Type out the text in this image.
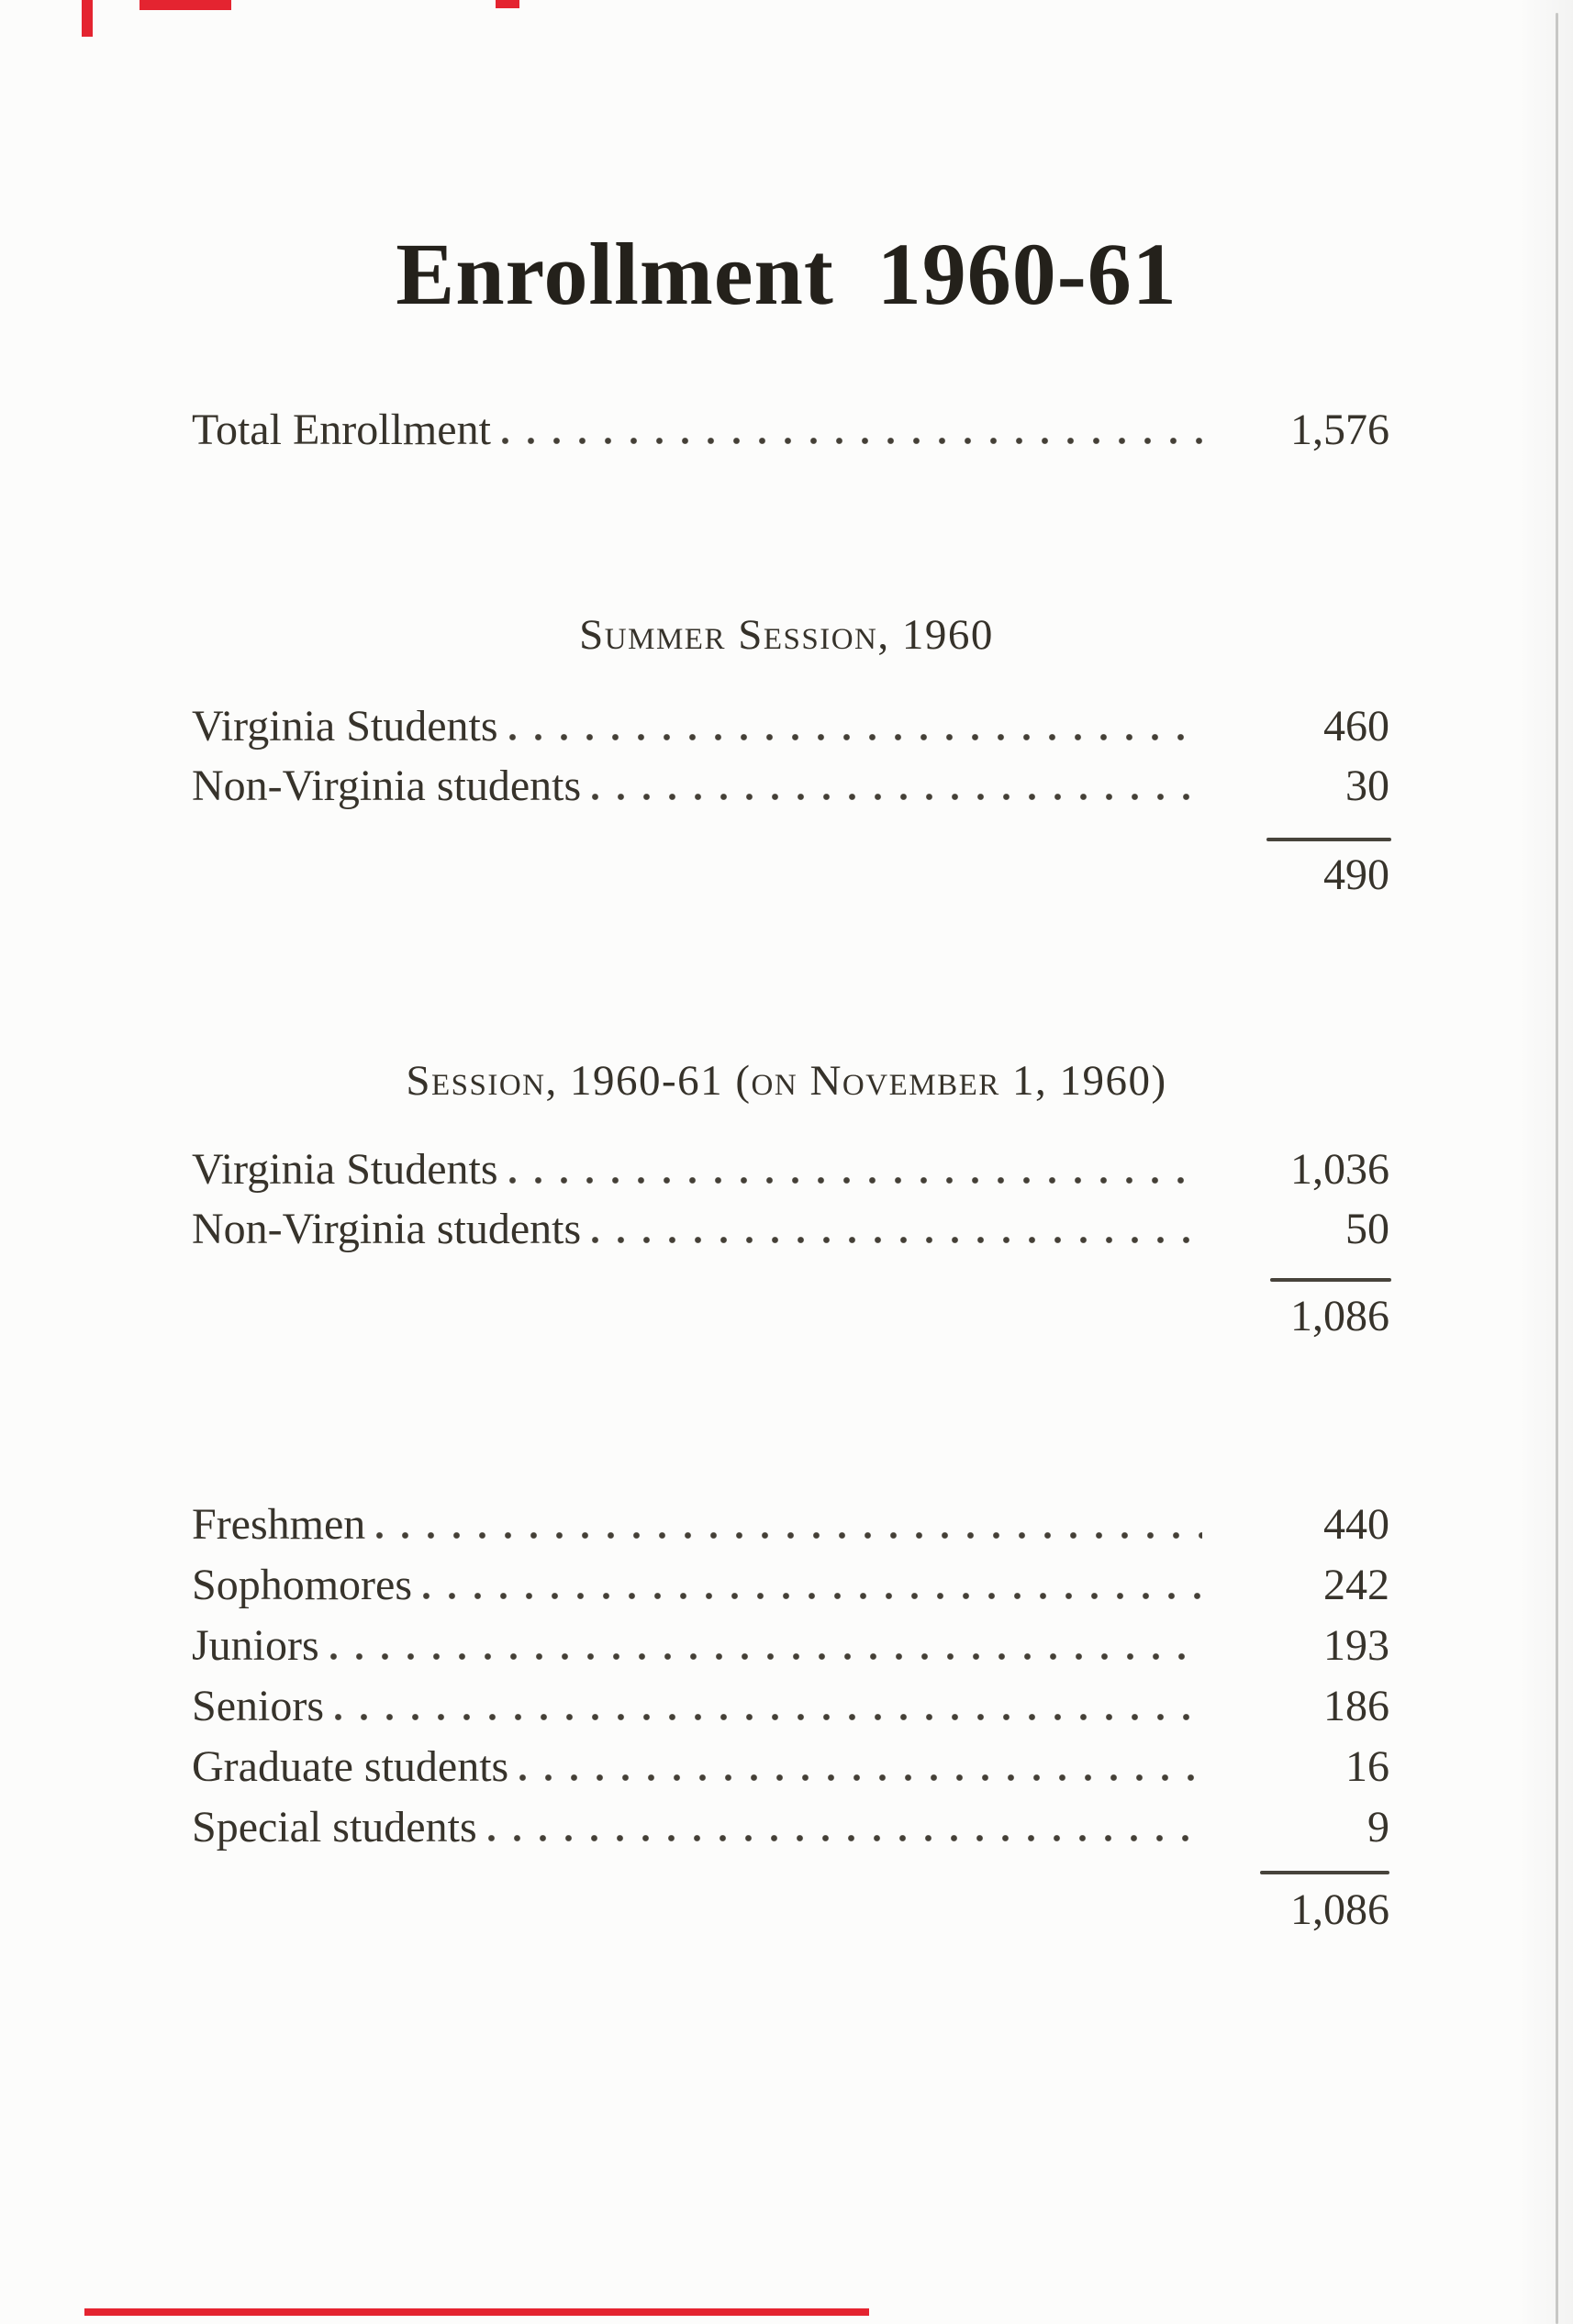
Enrollment 1960-61
Total Enrollment	1,576
Summer Session, 1960
Virginia Students	460
Non-Virginia students	30
490
Session, 1960-61 (on November 1, 1960)
Virginia Students	1,036
Non-Virginia students	50
1,086
Freshmen	440
Sophomores	242
Juniors	193
Seniors	186
Graduate students	16
Special students	9
1,086
